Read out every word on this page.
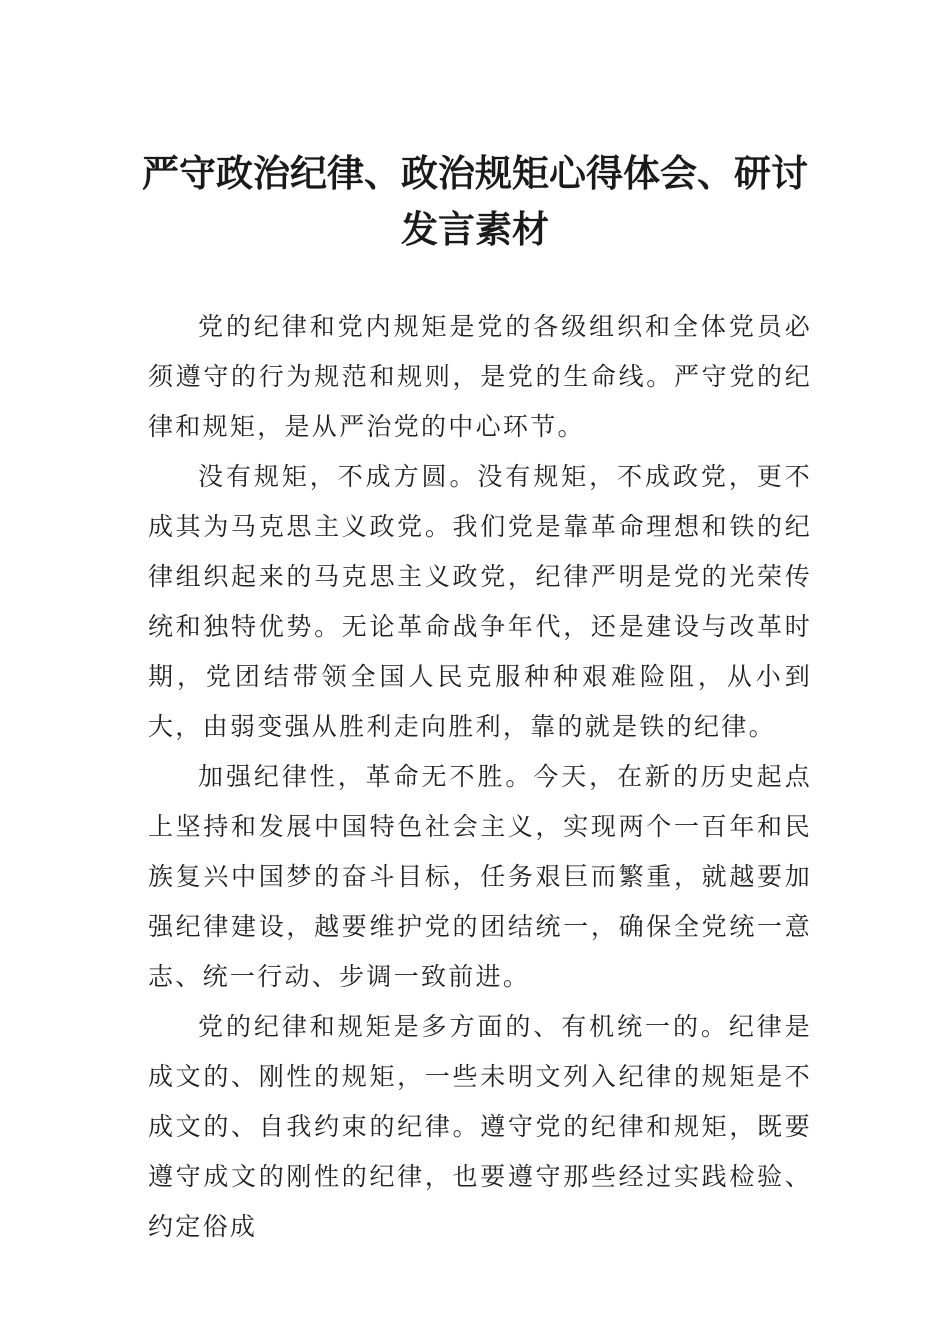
严守政治纪律、政治规矩心得体会、研讨发言素材

党的纪律和党内规矩是党的各级组织和全体党员必须遵守的行为规范和规则，是党的生命线。严守党的纪律和规矩，是从严治党的中心环节。

没有规矩，不成方圆。没有规矩，不成政党，更不成其为马克思主义政党。我们党是靠革命理想和铁的纪律组织起来的马克思主义政党，纪律严明是党的光荣传统和独特优势。无论革命战争年代，还是建设与改革时期，党团结带领全国人民克服种种艰难险阻，从小到大，由弱变强从胜利走向胜利，靠的就是铁的纪律。

加强纪律性，革命无不胜。今天，在新的历史起点上坚持和发展中国特色社会主义，实现两个一百年和民族复兴中国梦的奋斗目标，任务艰巨而繁重，就越要加强纪律建设，越要维护党的团结统一，确保全党统一意志、统一行动、步调一致前进。

党的纪律和规矩是多方面的、有机统一的。纪律是成文的、刚性的规矩，一些未明文列入纪律的规矩是不成文的、自我约束的纪律。遵守党的纪律和规矩，既要遵守成文的刚性的纪律，也要遵守那些经过实践检验、约定俗成
